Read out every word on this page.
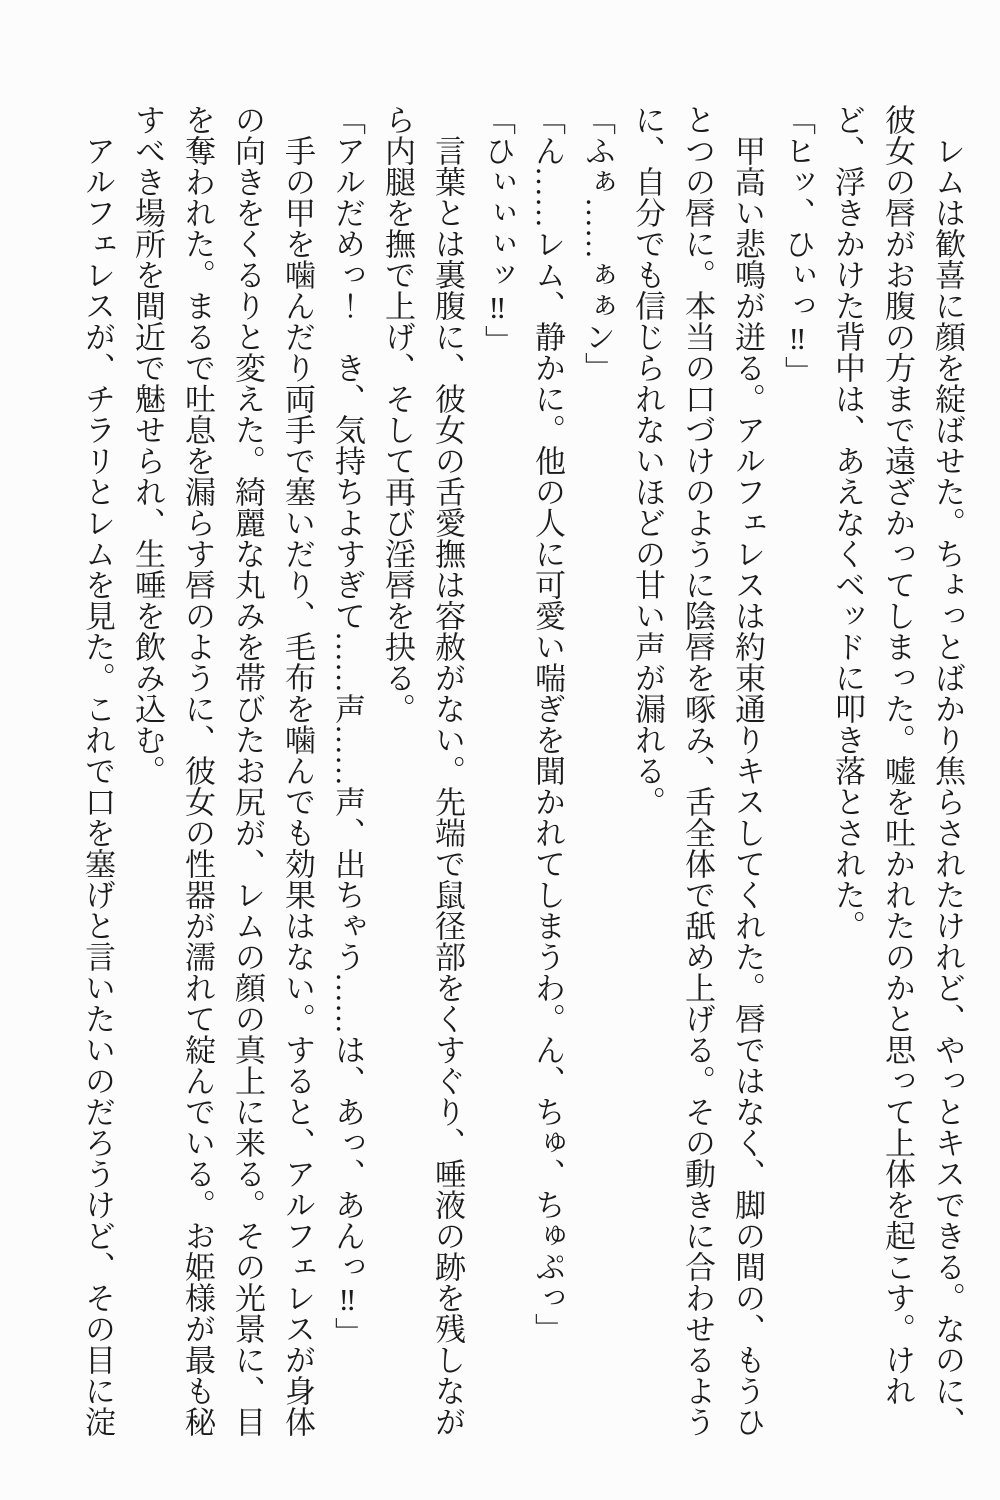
　レムは歓喜に顔を綻ばせた。ちょっとばかり焦らされたけれど、やっとキスできる。なのに、彼女の唇がお腹の方まで遠ざかってしまった。嘘を吐かれたのかと思って上体を起こす。けれど、浮きかけた背中は、あえなくベッドに叩き落とされた。

「ヒッ、ひぃっ‼」

　甲高い悲鳴が迸る。アルフェレスは約束通りキスしてくれた。唇ではなく、脚の間の、もうひとつの唇に。本当の口づけのように陰唇を啄み、舌全体で舐め上げる。その動きに合わせるように、自分でも信じられないほどの甘い声が漏れる。

「ふぁ……ぁぁン」

「ん……レム、静かに。他の人に可愛い喘ぎを聞かれてしまうわ。ん、ちゅ、ちゅぷっ」

「ひぃぃぃッ‼」

　言葉とは裏腹に、彼女の舌愛撫は容赦がない。先端で鼠径部をくすぐり、唾液の跡を残しながら内腿を撫で上げ、そして再び淫唇を抉る。

「アルだめっ！　き、気持ちよすぎて……声……声、出ちゃう……は、あっ、あんっ‼」

　手の甲を噛んだり両手で塞いだり、毛布を噛んでも効果はない。すると、アルフェレスが身体の向きをくるりと変えた。綺麗な丸みを帯びたお尻が、レムの顔の真上に来る。その光景に、目を奪われた。まるで吐息を漏らす唇のように、彼女の性器が濡れて綻んでいる。お姫様が最も秘すべき場所を間近で魅せられ、生唾を飲み込む。

　アルフェレスが、チラリとレムを見た。これで口を塞げと言いたいのだろうけど、その目に淀
